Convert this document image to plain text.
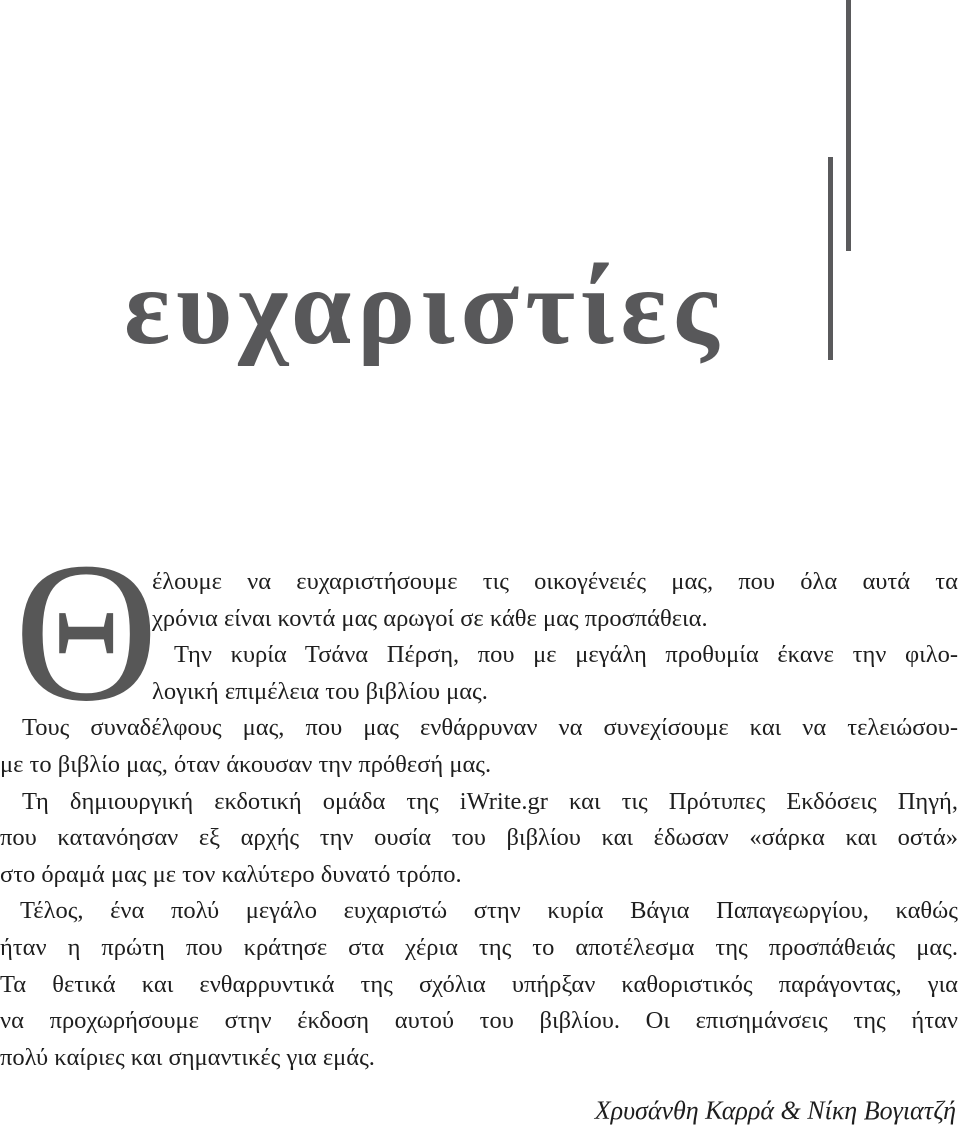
ευχαριστίες
Θ
έλουμε να ευχαριστήσουμε τις οικογένειές μας, που όλα αυτά τα
χρόνια είναι κοντά μας αρωγοί σε κάθε μας προσπάθεια.
Την κυρία Τσάνα Πέρση, που με μεγάλη προθυμία έκανε την φιλο-
λογική επιμέλεια του βιβλίου μας.
Τους συναδέλφους μας, που μας ενθάρρυναν να συνεχίσουμε και να τελειώσου-
με το βιβλίο μας, όταν άκουσαν την πρόθεσή μας.
Τη δημιουργική εκδοτική ομάδα της iWrite.gr και τις Πρότυπες Εκδόσεις Πηγή,
που κατανόησαν εξ αρχής την ουσία του βιβλίου και έδωσαν «σάρκα και οστά»
στο όραμά μας με τον καλύτερο δυνατό τρόπο.
Τέλος, ένα πολύ μεγάλο ευχαριστώ στην κυρία Βάγια Παπαγεωργίου, καθώς
ήταν η πρώτη που κράτησε στα χέρια της το αποτέλεσμα της προσπάθειάς μας.
Τα θετικά και ενθαρρυντικά της σχόλια υπήρξαν καθοριστικός παράγοντας, για
να προχωρήσουμε στην έκδοση αυτού του βιβλίου. Οι επισημάνσεις της ήταν
πολύ καίριες και σημαντικές για εμάς.
Χρυσάνθη Καρρά & Νίκη Βογιατζή
